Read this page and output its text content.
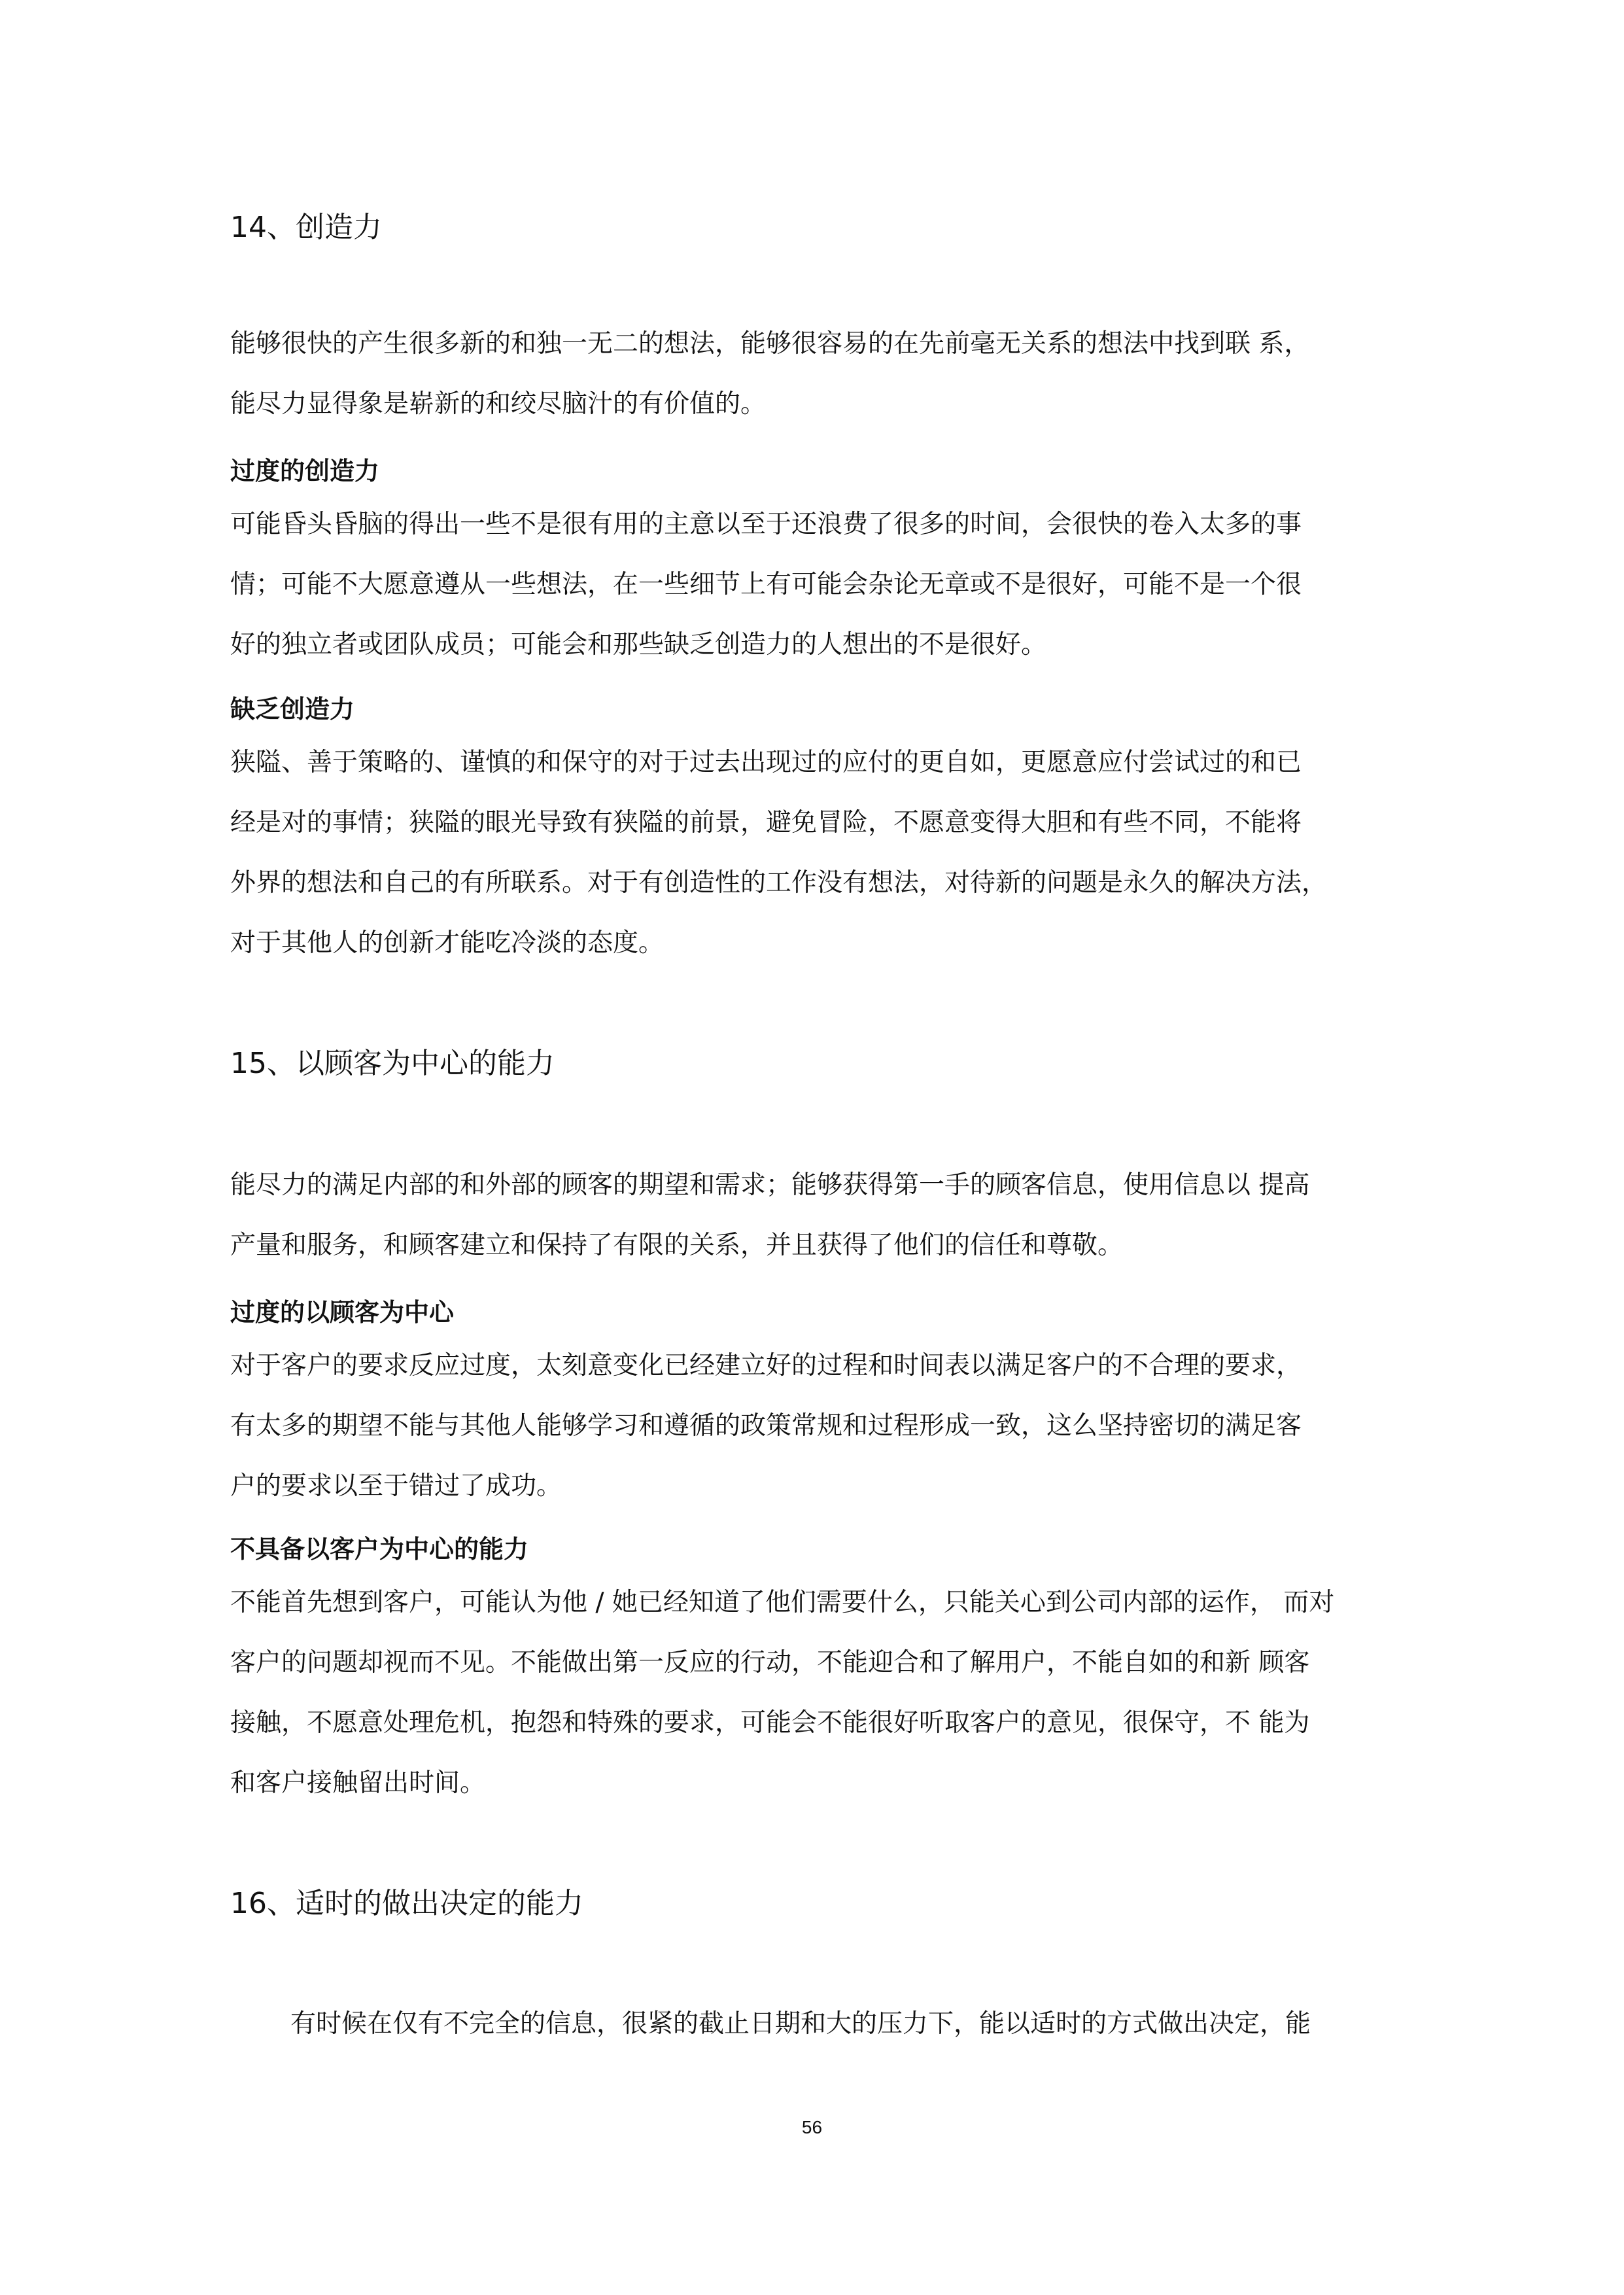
14、创造力
能够很快的产生很多新的和独一无二的想法，能够很容易的在先前毫无关系的想法中找到联 系，
能尽力显得象是崭新的和绞尽脑汁的有价值的。
过度的创造力
可能昏头昏脑的得出一些不是很有用的主意以至于还浪费了很多的时间，会很快的卷入太多的事
情；可能不大愿意遵从一些想法，在一些细节上有可能会杂论无章或不是很好，可能不是一个很
好的独立者或团队成员；可能会和那些缺乏创造力的人想出的不是很好。
缺乏创造力
狭隘、善于策略的、谨慎的和保守的对于过去出现过的应付的更自如，更愿意应付尝试过的和已
经是对的事情；狭隘的眼光导致有狭隘的前景，避免冒险，不愿意变得大胆和有些不同，不能将
外界的想法和自己的有所联系。对于有创造性的工作没有想法，对待新的问题是永久的解决方法，
对于其他人的创新才能吃冷淡的态度。
15、以顾客为中心的能力
能尽力的满足内部的和外部的顾客的期望和需求；能够获得第一手的顾客信息，使用信息以 提高
产量和服务，和顾客建立和保持了有限的关系，并且获得了他们的信任和尊敬。
过度的以顾客为中心
对于客户的要求反应过度，太刻意变化已经建立好的过程和时间表以满足客户的不合理的要求，
有太多的期望不能与其他人能够学习和遵循的政策常规和过程形成一致，这么坚持密切的满足客
户的要求以至于错过了成功。
不具备以客户为中心的能力
不能首先想到客户，可能认为他 / 她已经知道了他们需要什么，只能关心到公司内部的运作， 而对
客户的问题却视而不见。不能做出第一反应的行动，不能迎合和了解用户，不能自如的和新 顾客
接触，不愿意处理危机，抱怨和特殊的要求，可能会不能很好听取客户的意见，很保守，不 能为
和客户接触留出时间。
16、适时的做出决定的能力
有时候在仅有不完全的信息，很紧的截止日期和大的压力下，能以适时的方式做出决定，能
56
